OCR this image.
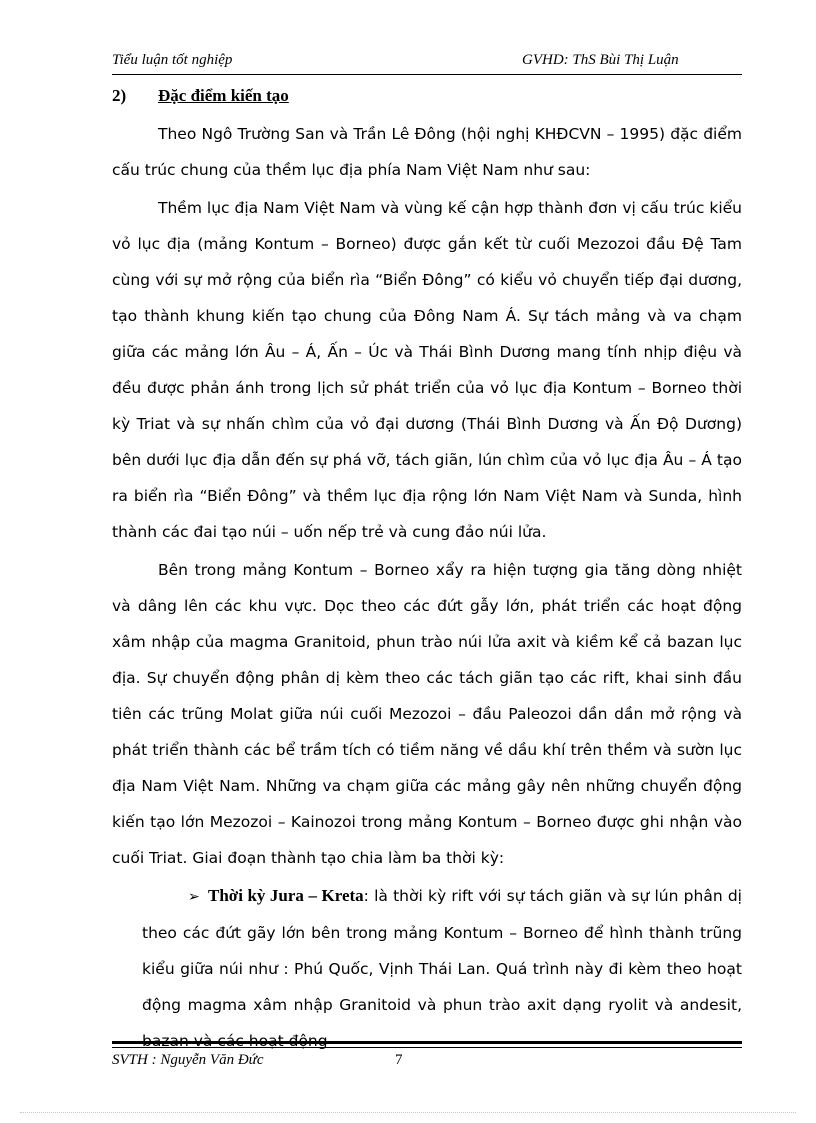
Tiểu luận tốt nghiệp	GVHD: ThS Bùi Thị Luận
2) Đặc điểm kiến tạo

Theo Ngô Trường San và Trần Lê Đông (hội nghị KHĐCVN – 1995) đặc điểm cấu trúc chung của thềm lục địa phía Nam Việt Nam như sau:

Thềm lục địa Nam Việt Nam và vùng kế cận hợp thành đơn vị cấu trúc kiểu vỏ lục địa (mảng Kontum – Borneo) được gắn kết từ cuối Mezozoi đầu Đệ Tam cùng với sự mở rộng của biển rìa “Biển Đông” có kiểu vỏ chuyển tiếp đại dương, tạo thành khung kiến tạo chung của Đông Nam Á. Sự tách mảng và va chạm giữa các mảng lớn Âu – Á, Ấn – Úc và Thái Bình Dương mang tính nhịp điệu và đều được phản ánh trong lịch sử phát triển của vỏ lục địa Kontum – Borneo thời kỳ Triat và sự nhấn chìm của vỏ đại dương (Thái Bình Dương và Ấn Độ Dương) bên dưới lục địa dẫn đến sự phá vỡ, tách giãn, lún chìm của vỏ lục địa Âu – Á tạo ra biển rìa “Biển Đông” và thềm lục địa rộng lớn Nam Việt Nam và Sunda, hình thành các đai tạo núi – uốn nếp trẻ và cung đảo núi lửa.

Bên trong mảng Kontum – Borneo xẩy ra hiện tượng gia tăng dòng nhiệt và dâng lên các khu vực. Dọc theo các đứt gẫy lớn, phát triển các hoạt động xâm nhập của magma Granitoid, phun trào núi lửa axit và kiềm kể cả bazan lục địa. Sự chuyển động phân dị kèm theo các tách giãn tạo các rift, khai sinh đầu tiên các trũng Molat giữa núi cuối Mezozoi – đầu Paleozoi dần dần mở rộng và phát triển thành các bể trầm tích có tiềm năng về dầu khí trên thềm và sườn lục địa Nam Việt Nam. Những va chạm giữa các mảng gây nên những chuyển động kiến tạo lớn Mezozoi – Kainozoi trong mảng Kontum – Borneo được ghi nhận vào cuối Triat. Giai đoạn thành tạo chia làm ba thời kỳ:

➢ Thời kỳ Jura – Kreta: là thời kỳ rift với sự tách giãn và sự lún phân dị theo các đứt gãy lớn bên trong mảng Kontum – Borneo để hình thành trũng kiểu giữa núi như : Phú Quốc, Vịnh Thái Lan. Quá trình này đi kèm theo hoạt động magma xâm nhập Granitoid và phun trào axit dạng ryolit và andesit,

SVTH : Nguyễn Văn Đức	7
